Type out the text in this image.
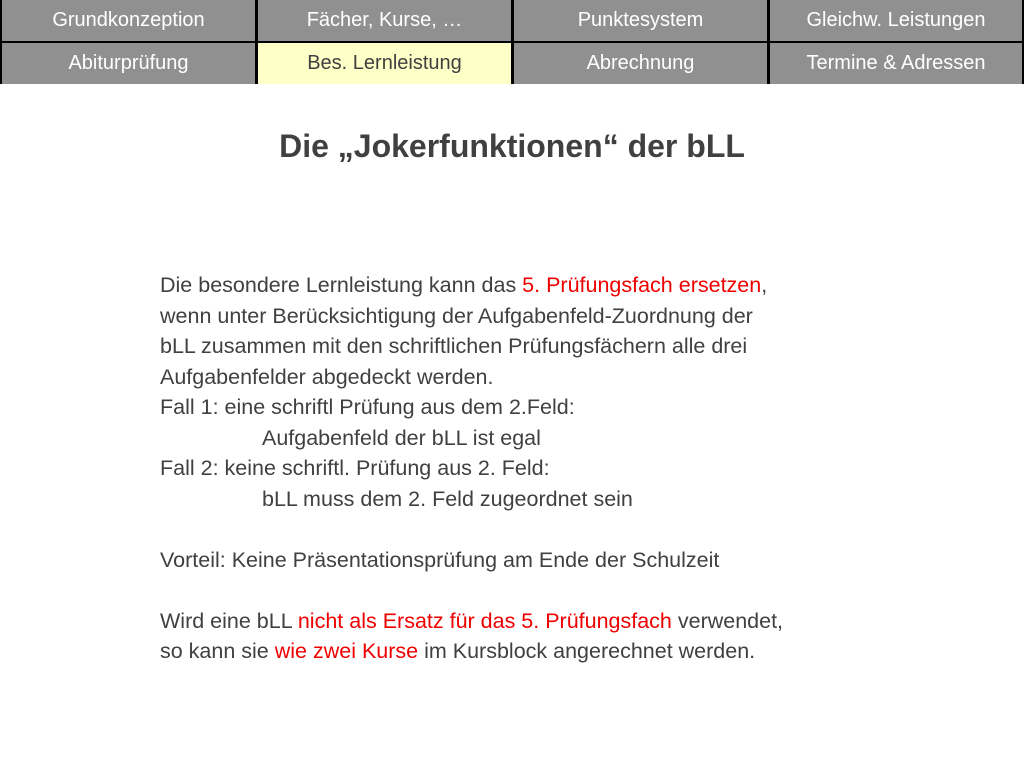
Grundkonzeption	Fächer, Kurse, …	Punktesystem	Gleichw. Leistungen
Abiturprüfung	Bes. Lernleistung	Abrechnung	Termine & Adressen
Die „Jokerfunktionen“ der bLL
Die besondere Lernleistung kann das 5. Prüfungsfach ersetzen,
wenn unter Berücksichtigung der Aufgabenfeld-Zuordnung der
bLL zusammen mit den schriftlichen Prüfungsfächern alle drei
Aufgabenfelder abgedeckt werden.
Fall 1: eine schriftl Prüfung aus dem 2.Feld:
Aufgabenfeld der bLL ist egal
Fall 2: keine schriftl. Prüfung aus 2. Feld:
bLL muss dem 2. Feld zugeordnet sein
Vorteil: Keine Präsentationsprüfung am Ende der Schulzeit
Wird eine bLL nicht als Ersatz für das 5. Prüfungsfach verwendet,
so kann sie wie zwei Kurse im Kursblock angerechnet werden.
